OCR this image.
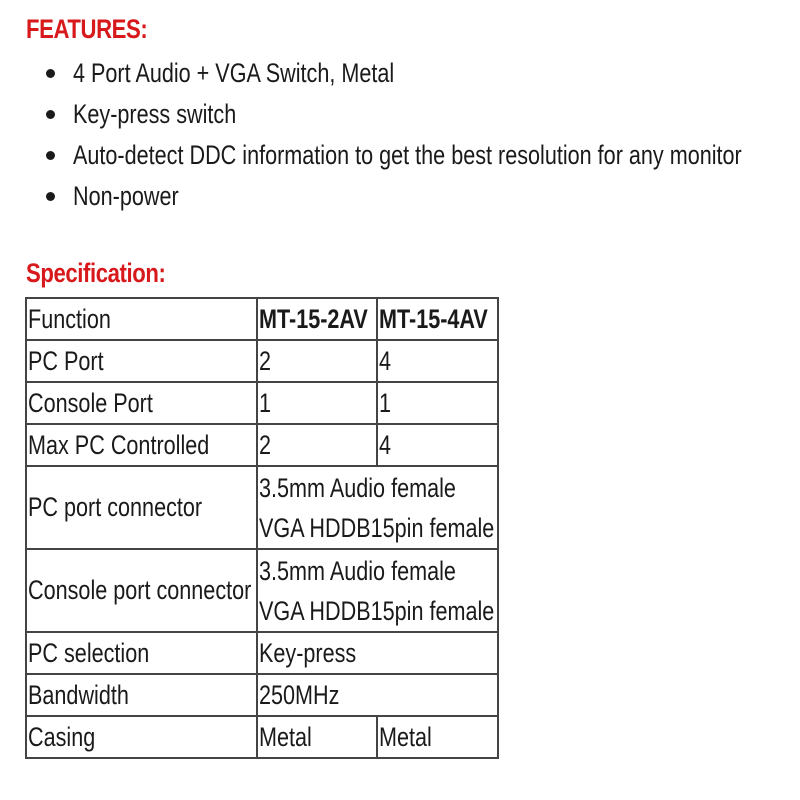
FEATURES:
4 Port Audio + VGA Switch, Metal
Key-press switch
Auto-detect DDC information to get the best resolution for any monitor
Non-power
Specification:
Function	MT-15-2AV	MT-15-4AV
PC Port	2	4
Console Port	1	1
Max PC Controlled	2	4
PC port connector	3.5mm Audio female
VGA HDDB15pin female	

Console port connector	3.5mm Audio female
VGA HDDB15pin female	

PC selection	Key-press	
Bandwidth	250MHz	
Casing	Metal	Metal
